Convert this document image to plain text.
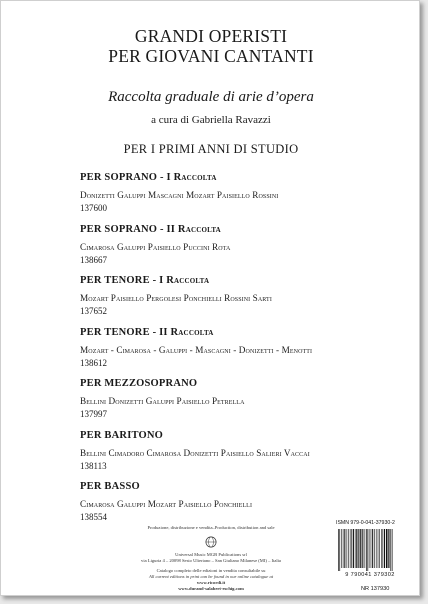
GRANDI OPERISTI
PER GIOVANI CANTANTI
Raccolta graduale di arie d’opera
a cura di Gabriella Ravazzi
PER I PRIMI ANNI DI STUDIO
PER SOPRANO - I Raccolta
Donizetti Galuppi Mascagni Mozart Paisiello Rossini
137600
PER SOPRANO - II Raccolta
Cimarosa Galuppi Paisiello Puccini Rota
138667
PER TENORE - I Raccolta
Mozart Paisiello Pergolesi Ponchielli Rossini Sarti
137652
PER TENORE - II Raccolta
Mozart - Cimarosa - Galuppi - Mascagni - Donizetti - Menotti
138612
PER MEZZOSOPRANO
Bellini Donizetti Galuppi Paisiello Petrella
137997
PER BARITONO
Bellini Cimadoro Cimarosa Donizetti Paisiello Salieri Vaccai
138113
PER BASSO
Cimarosa Galuppi Mozart Paisiello Ponchielli
138554
Produzione, distribuzione e vendita–Production, distribution and sale
Universal Music MGB Publications srl
via Liguria 4 – 20098 Sesto Ulteriano – San Giuliano Milanese (MI) – Italia
Catalogo completo delle edizioni in vendita consultabile su
All current editions in print can be found in our online catalogue at
www.ricordi.it
www.durand-salabert-eschig.com
ISMN 979-0-041-37930-2
9 790041 379302
NR 137930
